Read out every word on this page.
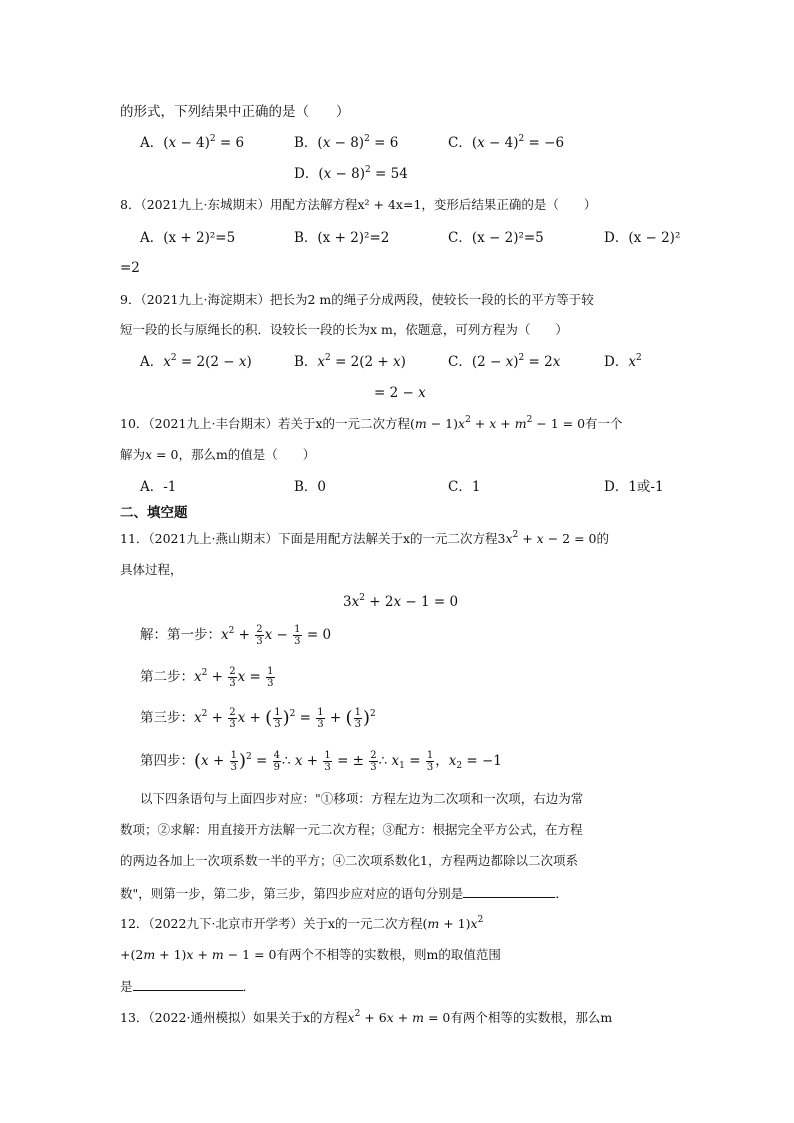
的形式，下列结果中正确的是（　　）
A．$(x - 4)^2 = 6$	B．$(x - 8)^2 = 6$	C．$(x - 4)^2 = -6$
D．$(x - 8)^2 = 54$
8．（2021九上·东城期末）用配方法解方程x² + 4x=1，变形后结果正确的是（　　）
A．(x + 2)²=5	B．(x + 2)²=2	C．(x − 2)²=5	D．(x − 2)²
=2
9．（2021九上·海淀期末）把长为2 m的绳子分成两段，使较长一段的长的平方等于较
短一段的长与原绳长的积．设较长一段的长为x m，依题意，可列方程为（　　）
A．$x^2 = 2(2 - x)$	B．$x^2 = 2(2 + x)$	C．$(2 - x)^2 = 2x$	D．$x^2$
= 2 − x
10．（2021九上·丰台期末）若关于x的一元二次方程$(m - 1)x^2 + x + m^2 - 1 = 0$有一个
解为x = 0，那么m的值是（　　）
A．-1	B．0	C．1	D．1或-1
二、填空题
11．（2021九上·燕山期末）下面是用配方法解关于x的一元二次方程$3x^2 + x - 2 = 0$的
具体过程，
$3x^2 + 2x - 1 = 0$
解：第一步：$x^2 + \frac{2}{3}$ $x - \frac{1}{3} = 0$
第二步：$x^2 + \frac{2}{3}$ $x = \frac{1}{3}$
第三步：$x^2 + \frac{2}{3}$ x + ( $\frac{1}{3} )^2 = \frac{1}{3}$ + ( $\frac{1}{3} )^2$
第四步：$(x + \frac{1}{3} )^2 = \frac{4}{9}$ ∴ $x + \frac{1}{3}$ = ± $\frac{2}{3}$ ∴ $x_1 = \frac{1}{3}$ ，$x_2 = -1$
以下四条语句与上面四步对应："①移项：方程左边为二次项和一次项，右边为常
数项；②求解：用直接开方法解一元二次方程；③配方：根据完全平方公式，在方程
的两边各加上一次项系数一半的平方；④二次项系数化1，方程两边都除以二次项系
数"，则第一步，第二步，第三步，第四步应对应的语句分别是	．
12．（2022九下·北京市开学考）关于x的一元二次方程$(m + 1)x^2$
+(2m + 1)x + m − 1 = 0有两个不相等的实数根，则m的取值范围
是	．
13．（2022·通州模拟）如果关于x的方程$x^2 + 6x + m = 0$有两个相等的实数根，那么m
